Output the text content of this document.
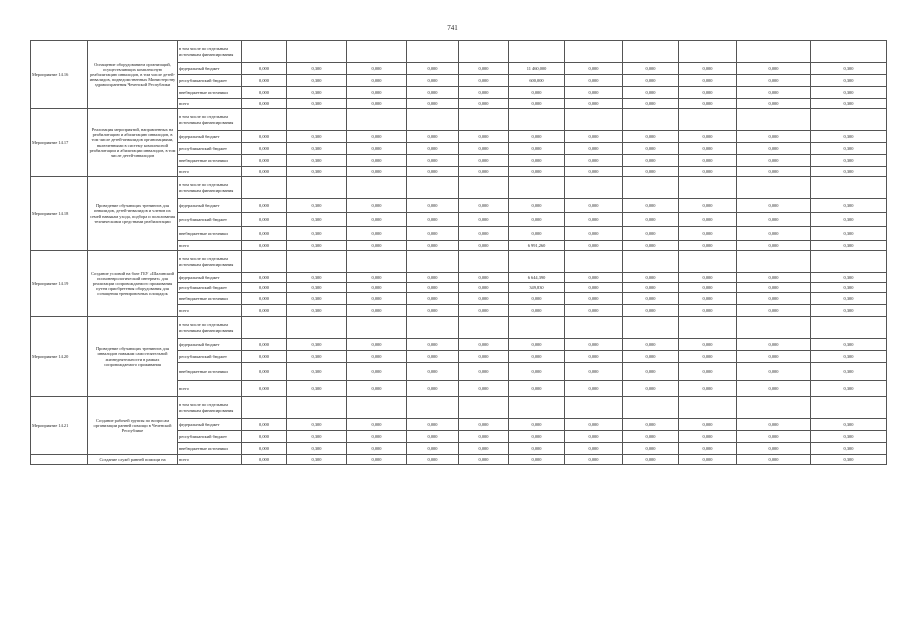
741
Мероприятие 14.16	Оснащение оборудованием организаций, осуществляющих комплексную реабилитацию инвалидов, в том числе детей-инвалидов, подведомственных Министерству здравоохранения Чеченской Республики	в том числе по отдельным источникам финансирования											
		федеральный бюджет	0,000	0,300	0,000	0,000	0,000	11 460,000	0,000	0,000	0,000	0,000	0,300
		республиканский бюджет	0,000	0,300	0,000	0,000	0,000	600,000	0,000	0,000	0,000	0,000	0,300
		внебюджетные источники	0,000	0,300	0,000	0,000	0,000	0,000	0,000	0,000	0,000	0,000	0,300
		всего	0,000	0,300	0,000	0,000	0,000	0,000	0,000	0,000	0,000	0,000	0,300
Мероприятие 14.17	Реализация мероприятий, направленных на реабилитацию и абилитацию инвалидов, в том числе детей-инвалидов организациями, включенными в систему комплексной реабилитации и абилитации инвалидов, в том числе детей-инвалидов	в том числе по отдельным источникам финансирования											
		федеральный бюджет	0,000	0,300	0,000	0,000	0,000	0,000	0,000	0,000	0,000	0,000	0,300
		республиканский бюджет	0,000	0,300	0,000	0,000	0,000	0,000	0,000	0,000	0,000	0,000	0,300
		внебюджетные источники	0,000	0,300	0,000	0,000	0,000	0,000	0,000	0,000	0,000	0,000	0,300
		всего	0,000	0,300	0,000	0,000	0,000	0,000	0,000	0,000	0,000	0,000	0,300
Мероприятие 14.18	Проведение обучающих тренингов для инвалидов, детей-инвалидов и членов их семей навыкам ухода, подбора и пользования техническими средствами реабилитации	в том числе по отдельным источникам финансирования											
		федеральный бюджет	0,000	0,300	0,000	0,000	0,000	0,000	0,000	0,000	0,000	0,000	0,300
		республиканский бюджет	0,000	0,300	0,000	0,000	0,000	0,000	0,000	0,000	0,000	0,000	0,300
		внебюджетные источники	0,000	0,300	0,000	0,000	0,000	0,000	0,000	0,000	0,000	0,000	0,300
		всего	0,000	0,300	0,000	0,000	0,000	6 991,260	0,000	0,000	0,000	0,000	0,300
Мероприятие 14.19	Создание условий на базе ГБУ «Шалинский психоневрологический интернат» для реализации сопровождаемого проживания путем приобретения оборудования для оснащения тренировочных площадок	в том числе по отдельным источникам финансирования											
		федеральный бюджет	0,000	0,300	0,000	0,000	0,000	6 644,390	0,000	0,000	0,000	0,000	0,300
		республиканский бюджет	0,000	0,300	0,000	0,000	0,000	349,830	0,000	0,000	0,000	0,000	0,300
		внебюджетные источники	0,000	0,300	0,000	0,000	0,000	0,000	0,000	0,000	0,000	0,000	0,300
		всего	0,000	0,300	0,000	0,000	0,000	0,000	0,000	0,000	0,000	0,000	0,300
Мероприятие 14.20	Проведение обучающих тренингов для инвалидов навыкам самостоятельной жизнедеятельности в рамках сопровождаемого проживания	в том числе по отдельным источникам финансирования											
		федеральный бюджет	0,000	0,300	0,000	0,000	0,000	0,000	0,000	0,000	0,000	0,000	0,300
		республиканский бюджет	0,000	0,300	0,000	0,000	0,000	0,000	0,000	0,000	0,000	0,000	0,300
		внебюджетные источники	0,000	0,300	0,000	0,000	0,000	0,000	0,000	0,000	0,000	0,000	0,300
		всего	0,000	0,300	0,000	0,000	0,000	0,000	0,000	0,000	0,000	0,000	0,300
Мероприятие 14.21	Создание рабочей группы по вопросам организации ранней помощи в Чеченской Республике	в том числе по отдельным источникам финансирования											
		федеральный бюджет	0,000	0,300	0,000	0,000	0,000	0,000	0,000	0,000	0,000	0,000	0,300
		республиканский бюджет	0,000	0,300	0,000	0,000	0,000	0,000	0,000	0,000	0,000	0,000	0,300
		внебюджетные источники	0,000	0,300	0,000	0,000	0,000	0,000	0,000	0,000	0,000	0,000	0,300
	Создание служб ранней помощи на	всего	0,000	0,300	0,000	0,000	0,000	0,000	0,000	0,000	0,000	0,000	0,300
